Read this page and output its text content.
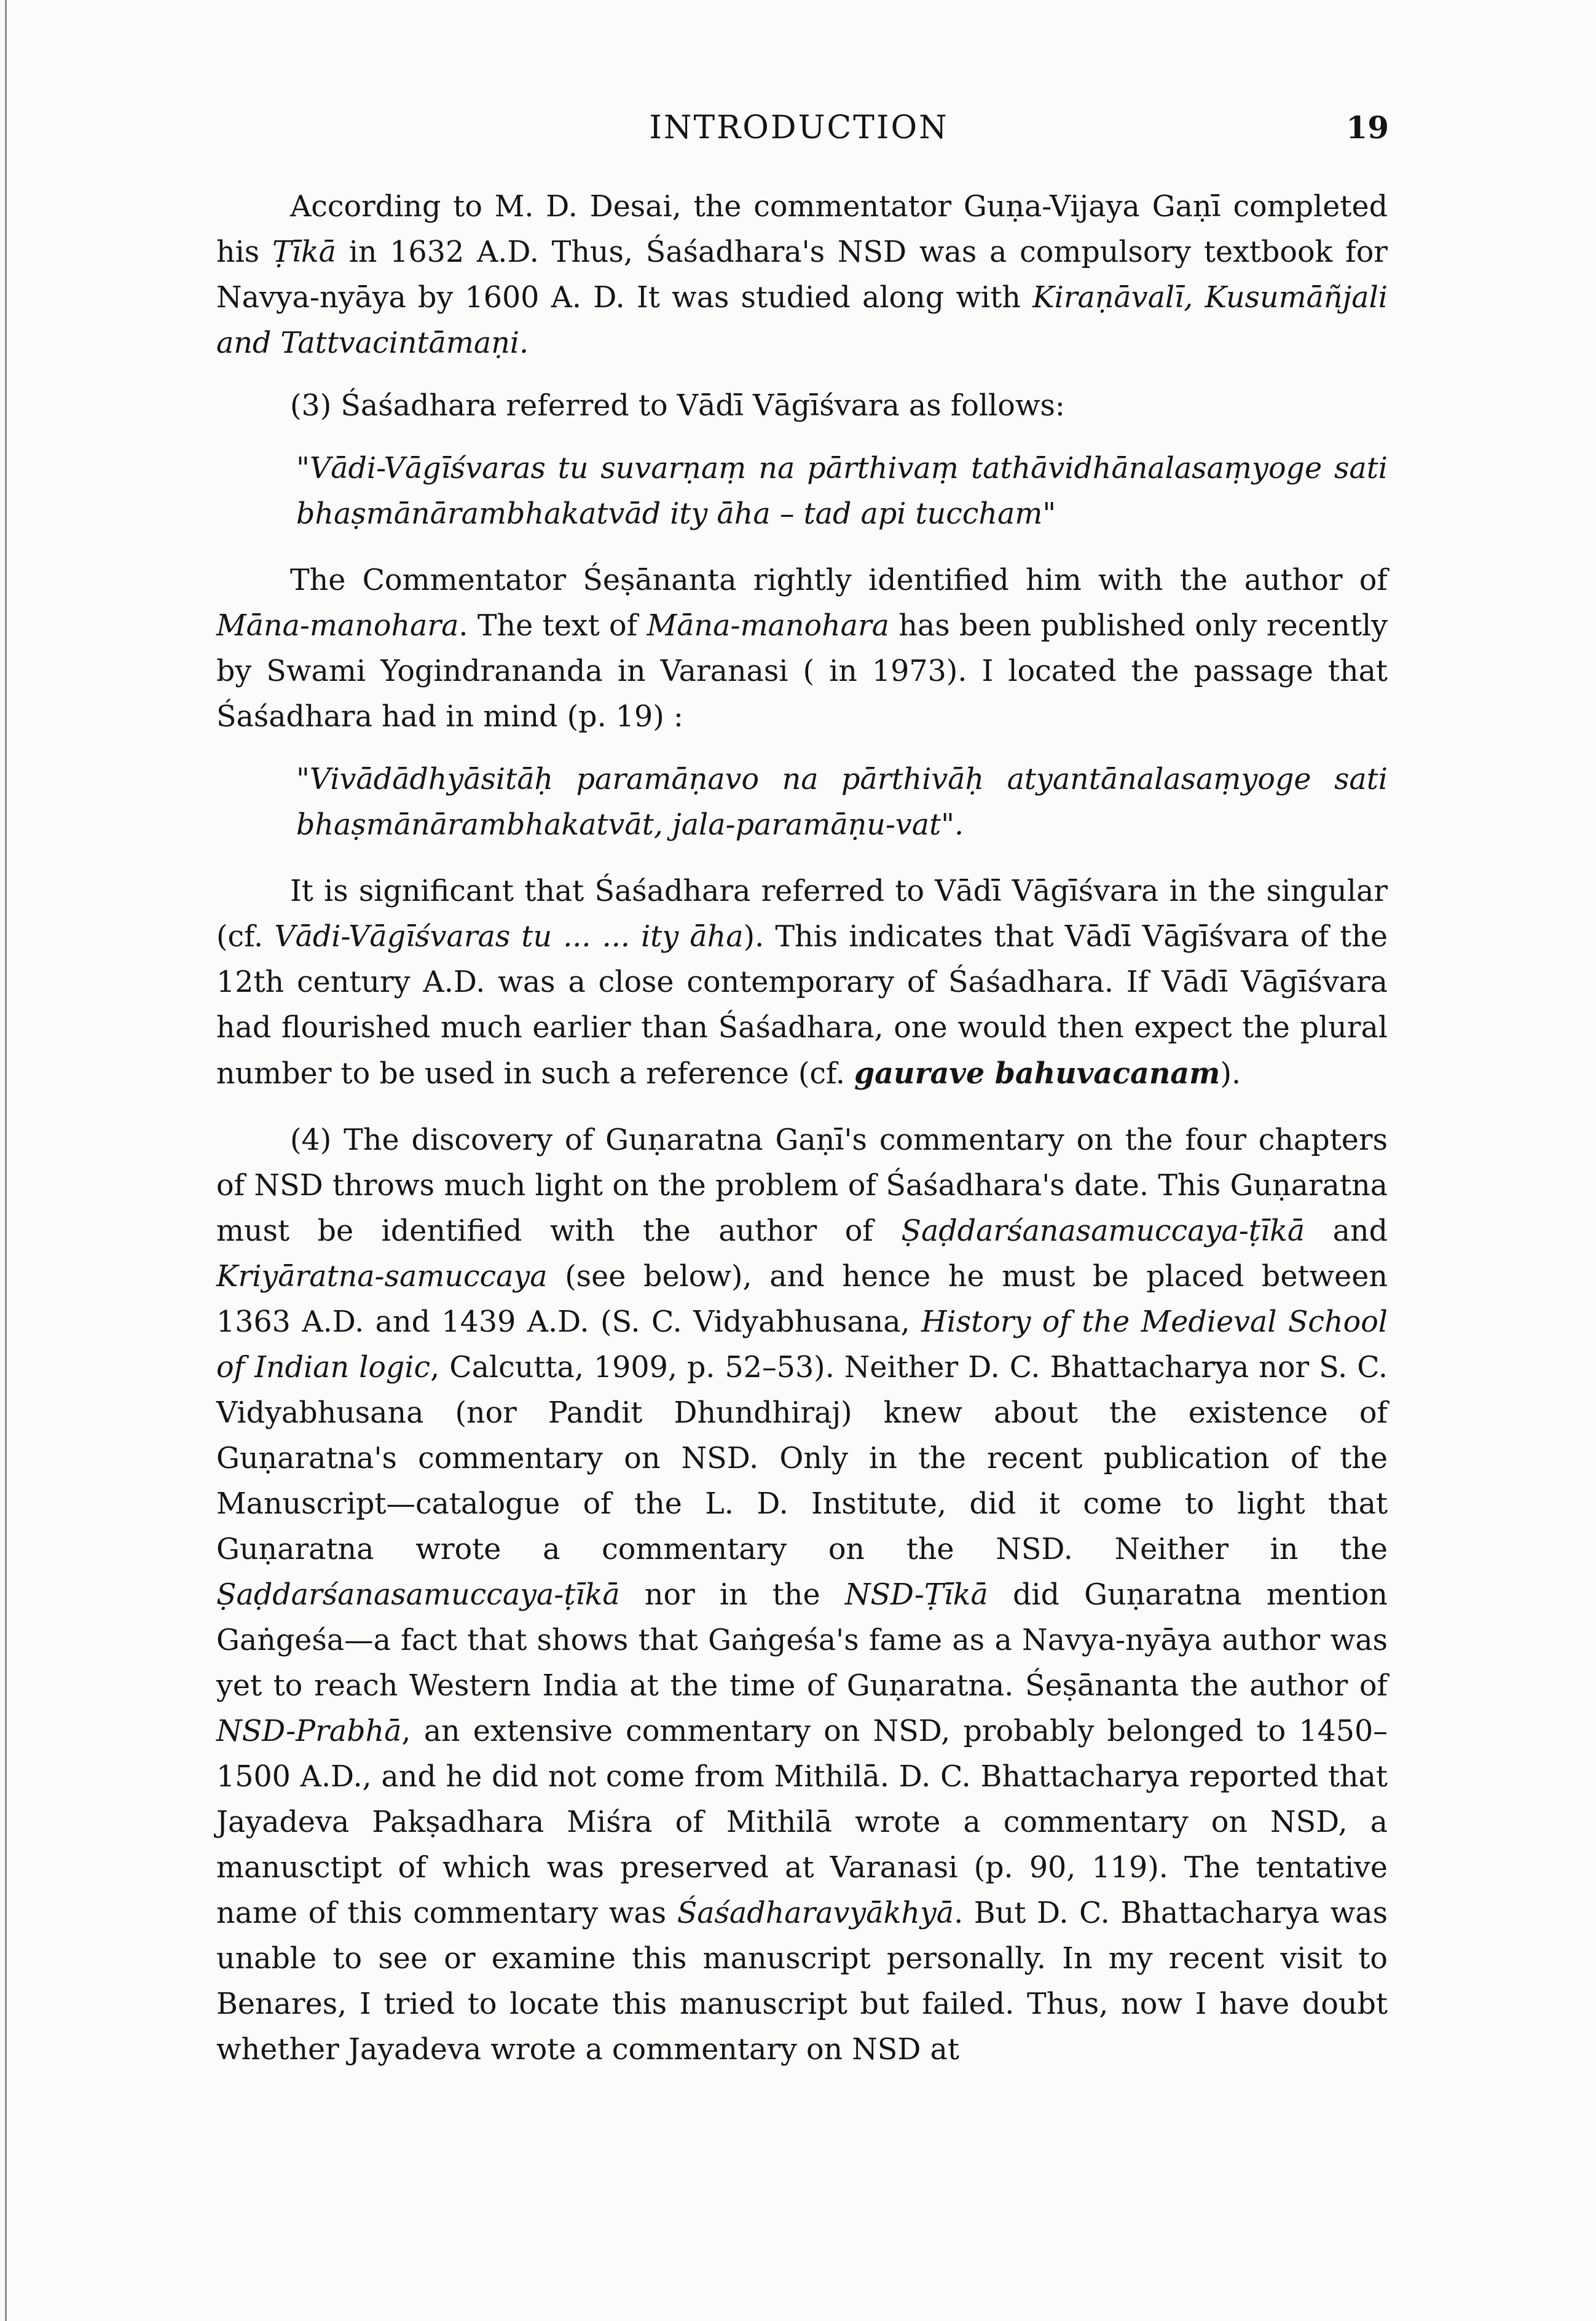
INTRODUCTION	19

According to M. D. Desai, the commentator Guṇa-Vijaya Gaṇī completed his Ṭīkā in 1632 A.D. Thus, Śaśadhara's NSD was a compulsory textbook for Navya-nyāya by 1600 A. D. It was studied along with Kiraṇāvalī, Kusumāñjali and Tattvacintāmaṇi.

(3) Śaśadhara referred to Vādī Vāgīśvara as follows:

"Vādi-Vāgīśvaras tu suvarṇaṃ na pārthivaṃ tathāvidhānalasaṃyoge sati bhaṣmānārambhakatvād ity āha – tad api tuccham"

The Commentator Śeṣānanta rightly identified him with the author of Māna-manohara. The text of Māna-manohara has been published only recently by Swami Yogindrananda in Varanasi ( in 1973). I located the passage that Śaśadhara had in mind (p. 19) :

"Vivādādhyāsitāḥ paramāṇavo na pārthivāḥ atyantānalasaṃyoge sati bhaṣmānārambhakatvāt, jala-paramāṇu-vat".

It is significant that Śaśadhara referred to Vādī Vāgīśvara in the singular (cf. Vādi-Vāgīśvaras tu ... ... ity āha). This indicates that Vādī Vāgīśvara of the 12th century A.D. was a close contemporary of Śaśadhara. If Vādī Vāgīśvara had flourished much earlier than Śaśadhara, one would then expect the plural number to be used in such a reference (cf. gaurave bahuvacanam).

(4) The discovery of Guṇaratna Gaṇī's commentary on the four chapters of NSD throws much light on the problem of Śaśadhara's date. This Guṇaratna must be identified with the author of Ṣaḍdarśanasamuccaya-ṭīkā and Kriyāratna-samuccaya (see below), and hence he must be placed between 1363 A.D. and 1439 A.D. (S. C. Vidyabhusana, History of the Medieval School of Indian logic, Calcutta, 1909, p. 52–53). Neither D. C. Bhattacharya nor S. C. Vidyabhusana (nor Pandit Dhundhiraj) knew about the existence of Guṇaratna's commentary on NSD. Only in the recent publication of the Manuscript—catalogue of the L. D. Institute, did it come to light that Guṇaratna wrote a commentary on the NSD. Neither in the Ṣaḍdarśanasamuccaya-ṭīkā nor in the NSD-Ṭīkā did Guṇaratna mention Gaṅgeśa—a fact that shows that Gaṅgeśa's fame as a Navya-nyāya author was yet to reach Western India at the time of Guṇaratna. Śeṣānanta the author of NSD-Prabhā, an extensive commentary on NSD, probably belonged to 1450–1500 A.D., and he did not come from Mithilā. D. C. Bhattacharya reported that Jayadeva Pakṣadhara Miśra of Mithilā wrote a commentary on NSD, a manusctipt of which was preserved at Varanasi (p. 90, 119). The tentative name of this commentary was Śaśadharavyākhyā. But D. C. Bhattacharya was unable to see or examine this manuscript personally. In my recent visit to Benares, I tried to locate this manuscript but failed. Thus, now I have doubt whether Jayadeva wrote a commentary on NSD at
